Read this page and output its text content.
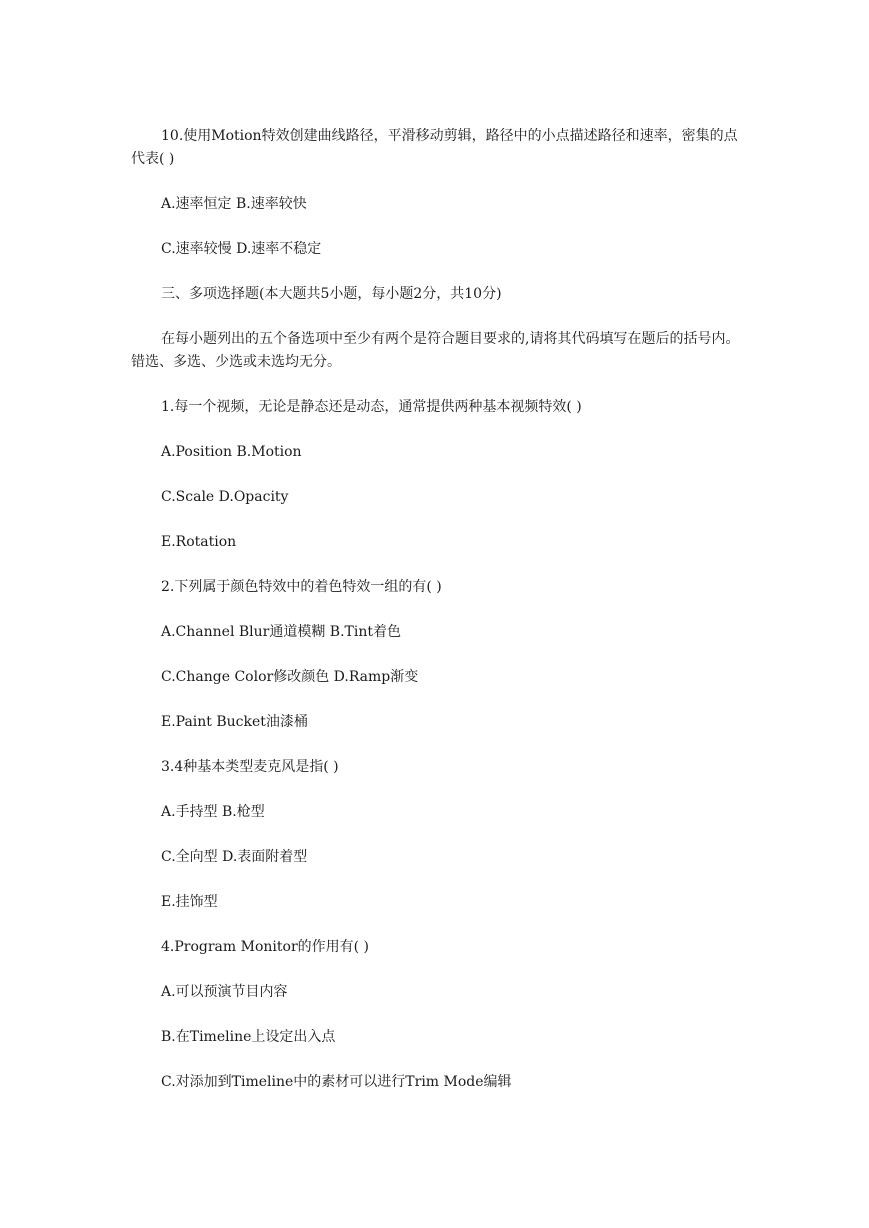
10.使用Motion特效创建曲线路径，平滑移动剪辑，路径中的小点描述路径和速率，密集的点代表( )

A.速率恒定 B.速率较快

C.速率较慢 D.速率不稳定

三、多项选择题(本大题共5小题，每小题2分，共10分)

在每小题列出的五个备选项中至少有两个是符合题目要求的,请将其代码填写在题后的括号内。错选、多选、少选或未选均无分。

1.每一个视频，无论是静态还是动态，通常提供两种基本视频特效( )

A.Position B.Motion

C.Scale D.Opacity

E.Rotation

2.下列属于颜色特效中的着色特效一组的有( )

A.Channel Blur通道模糊 B.Tint着色

C.Change Color修改颜色 D.Ramp渐变

E.Paint Bucket油漆桶

3.4种基本类型麦克风是指( )

A.手持型 B.枪型

C.全向型 D.表面附着型

E.挂饰型

4.Program Monitor的作用有( )

A.可以预演节目内容

B.在Timeline上设定出入点

C.对添加到Timeline中的素材可以进行Trim Mode编辑
